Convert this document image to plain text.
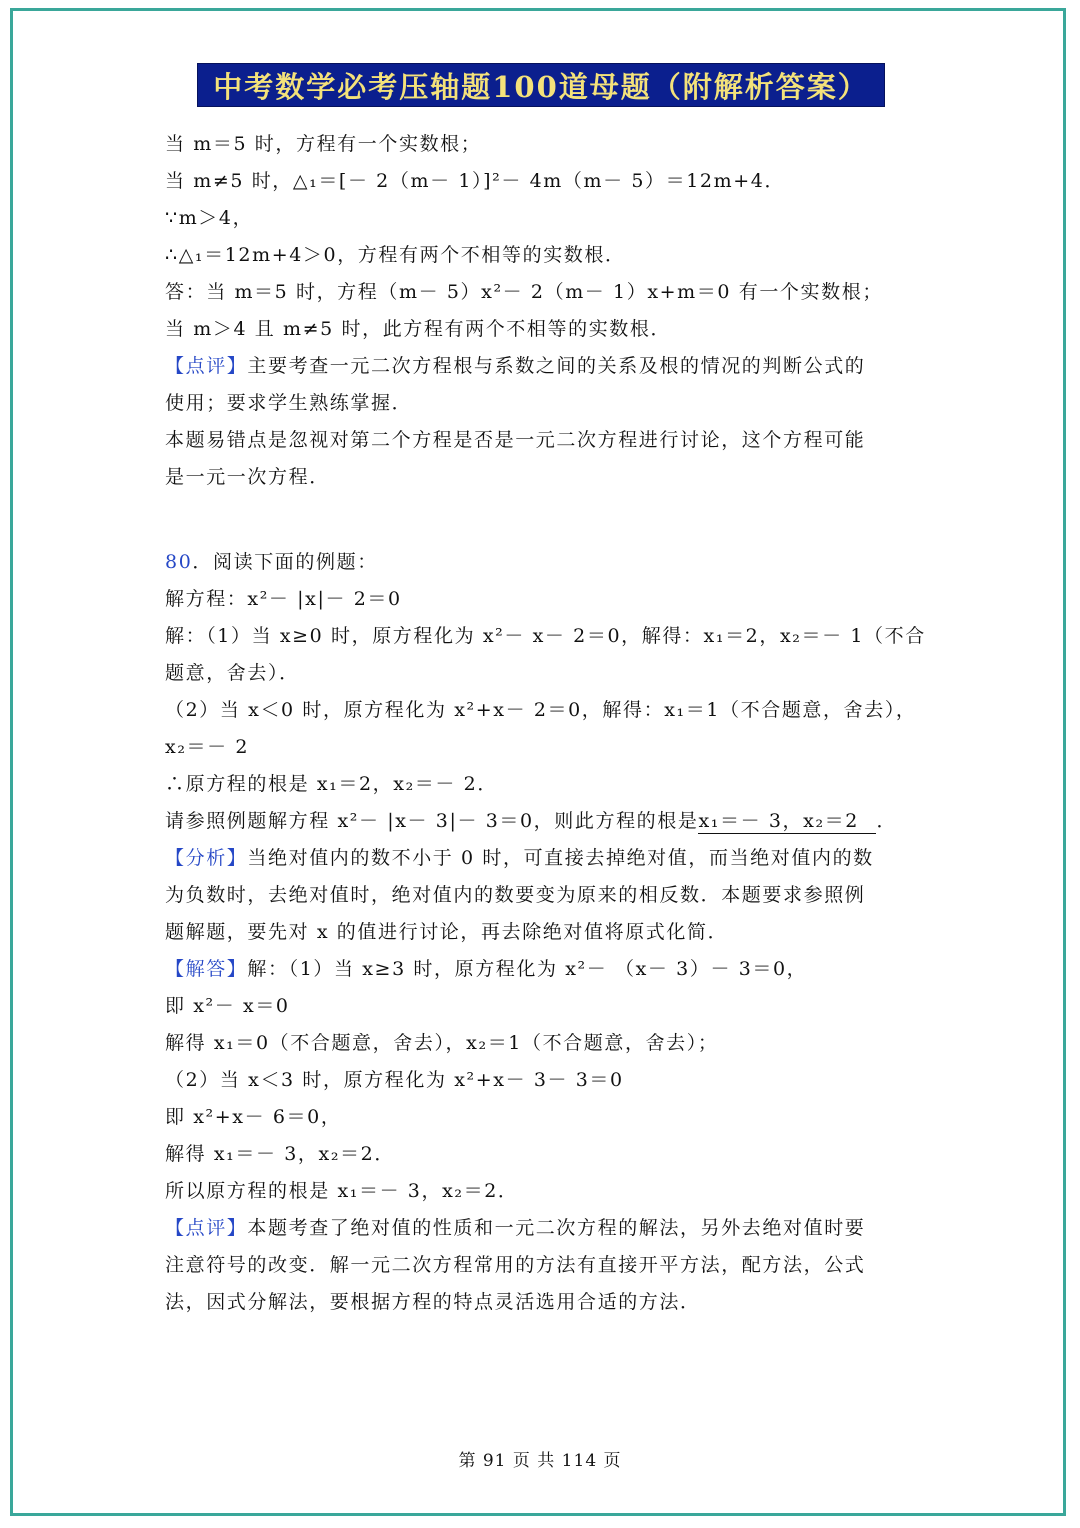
中考数学必考压轴题100道母题（附解析答案）
当 m＝5 时，方程有一个实数根；
当 m≠5 时，△₁＝[－ 2（m－ 1）]²－ 4m（m－ 5）＝12m+4．
∵m＞4，
∴△₁＝12m+4＞0，方程有两个不相等的实数根．
答：当 m＝5 时，方程（m－ 5）x²－ 2（m－ 1）x+m＝0 有一个实数根；
当 m＞4 且 m≠5 时，此方程有两个不相等的实数根．
【点评】主要考查一元二次方程根与系数之间的关系及根的情况的判断公式的
使用；要求学生熟练掌握．
本题易错点是忽视对第二个方程是否是一元二次方程进行讨论，这个方程可能
是一元一次方程．
80．阅读下面的例题：
解方程：x²－ |x|－ 2＝0
解：（1）当 x≥0 时，原方程化为 x²－ x－ 2＝0，解得：x₁＝2，x₂＝－ 1（不合
题意，舍去）．
（2）当 x＜0 时，原方程化为 x²+x－ 2＝0，解得：x₁＝1（不合题意，舍去），
x₂＝－ 2
∴原方程的根是 x₁＝2，x₂＝－ 2．
请参照例题解方程 x²－ |x－ 3|－ 3＝0，则此方程的根是x₁＝－ 3，x₂＝2 ．
【分析】当绝对值内的数不小于 0 时，可直接去掉绝对值，而当绝对值内的数
为负数时，去绝对值时，绝对值内的数要变为原来的相反数．本题要求参照例
题解题，要先对 x 的值进行讨论，再去除绝对值将原式化简．
【解答】解：（1）当 x≥3 时，原方程化为 x²－ （x－ 3）－ 3＝0，
即 x²－ x＝0
解得 x₁＝0（不合题意，舍去），x₂＝1（不合题意，舍去）；
（2）当 x＜3 时，原方程化为 x²+x－ 3－ 3＝0
即 x²+x－ 6＝0，
解得 x₁＝－ 3，x₂＝2．
所以原方程的根是 x₁＝－ 3，x₂＝2．
【点评】本题考查了绝对值的性质和一元二次方程的解法，另外去绝对值时要
注意符号的改变．解一元二次方程常用的方法有直接开平方法，配方法，公式
法，因式分解法，要根据方程的特点灵活选用合适的方法．
第 91 页 共 114 页
